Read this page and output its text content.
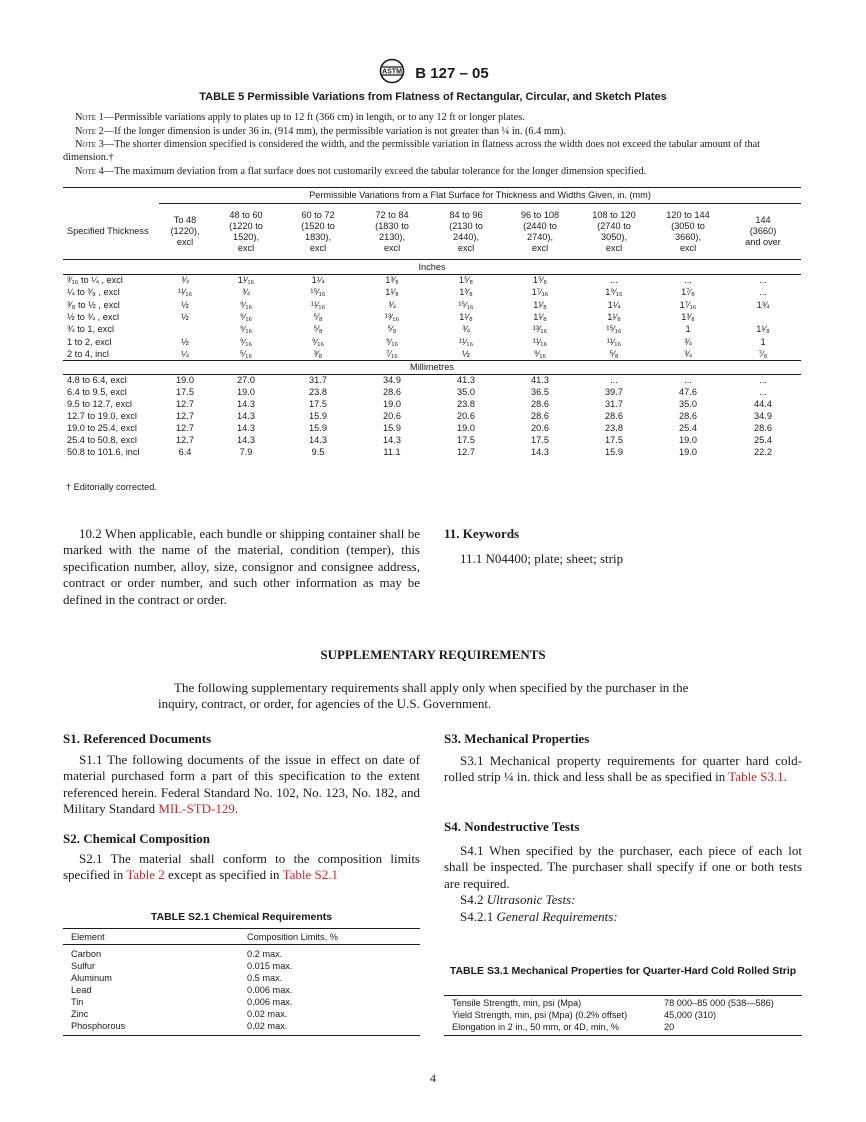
ASTM B 127 – 05
TABLE 5 Permissible Variations from Flatness of Rectangular, Circular, and Sketch Plates

Note 1—Permissible variations apply to plates up to 12 ft (366 cm) in length, or to any 12 ft or longer plates.

Note 2—If the longer dimension is under 36 in. (914 mm), the permissible variation is not greater than ¼ in. (6.4 mm).

Note 3—The shorter dimension specified is considered the width, and the permissible variation in flatness across the width does not exceed the tabular amount of that dimension.†

Note 4—The maximum deviation from a flat surface does not customarily exceed the tabular tolerance for the longer dimension specified.

	Permissible Variations from a Flat Surface for Thickness and Widths Given, in. (mm)								
Specified Thickness	To 48
(1220),
excl	48 to 60
(1220 to
1520),
excl	60 to 72
(1520 to
1830),
excl	72 to 84
(1830 to
2130),
excl	84 to 96
(2130 to
2440),
excl	96 to 108
(2440 to
2740),
excl	108 to 120
(2740 to
3050),
excl	120 to 144
(3050 to
3660),
excl	144
(3660)
and over
Inches									
³⁄₁₆ to ¼ , excl	¾	1¹⁄₁₆	1¼	1³⁄₈	1⁵⁄₈	1⁵⁄₈	...	...	...
¼ to ³⁄₈ , excl	¹¹⁄₁₆	¾	¹⁵⁄₁₆	1¹⁄₈	1³⁄₈	1⁷⁄₁₆	1⁹⁄₁₆	1⁷⁄₈	...
³⁄₈ to ½ , excl	½	⁹⁄₁₆	¹¹⁄₁₆	¾	¹⁵⁄₁₆	1¹⁄₈	1¼	1⁷⁄₁₆	1¾
½ to ¾ , excl	½	⁹⁄₁₆	⁵⁄₈	¹³⁄₁₆	1¹⁄₈	1¹⁄₈	1¹⁄₈	1³⁄₈	
¾ to 1, excl		⁹⁄₁₆	⁵⁄₈	⁵⁄₈	¾	¹³⁄₁₆	¹⁵⁄₁₆	1	1¹⁄₈
1 to 2, excl	½	⁹⁄₁₆	⁹⁄₁₆	⁹⁄₁₆	¹¹⁄₁₆	¹¹⁄₁₆	¹¹⁄₁₆	¾	1
2 to 4, incl	¼	⁵⁄₁₆	³⁄₈	⁷⁄₁₆	½	⁹⁄₁₆	⁵⁄₈	¾	⁷⁄₈
Millimetres									
4.8 to 6.4, excl	19.0	27.0	31.7	34.9	41.3	41.3	...	...	...
6.4 to 9.5, excl	17.5	19.0	23.8	28.6	35.0	36.5	39.7	47.6	...
9.5 to 12.7, excl	12.7	14.3	17.5	19.0	23.8	28.6	31.7	35.0	44.4
12.7 to 19.0, excl	12.7	14.3	15.9	20.6	20.6	28.6	28.6	28.6	34.9
19.0 to 25.4, excl	12.7	14.3	15.9	15.9	19.0	20.6	23.8	25.4	28.6
25.4 to 50.8, excl	12.7	14.3	14.3	14.3	17.5	17.5	17.5	19.0	25.4
50.8 to 101.6, incl	6.4	7.9	9.5	11.1	12.7	14.3	15.9	19.0	22.2
† Editorially corrected.

10.2 When applicable, each bundle or shipping container shall be marked with the name of the material, condition (temper), this specification number, alloy, size, consignor and consignee address, contract or order number, and such other information as may be defined in the contract or order.

11. Keywords

11.1 N04400; plate; sheet; strip

SUPPLEMENTARY REQUIREMENTS

The following supplementary requirements shall apply only when specified by the purchaser in the inquiry, contract, or order, for agencies of the U.S. Government.

S1. Referenced Documents

S1.1 The following documents of the issue in effect on date of material purchased form a part of this specification to the extent referenced herein. Federal Standard No. 102, No. 123, No. 182, and Military Standard MIL-STD-129.

S2. Chemical Composition

S2.1 The material shall conform to the composition limits specified in Table 2 except as specified in Table S2.1

TABLE S2.1 Chemical Requirements
Element	Composition Limits, %

Carbon	0.2 max.
Sulfur	0.015 max.
Aluminum	0.5 max.
Lead	0.006 max.
Tin	0.006 max.
Zinc	0.02 max.
Phosphorous	0.02 max.
S3. Mechanical Properties

S3.1 Mechanical property requirements for quarter hard cold-rolled strip ¼ in. thick and less shall be as specified in Table S3.1.

S4. Nondestructive Tests

S4.1 When specified by the purchaser, each piece of each lot shall be inspected. The purchaser shall specify if one or both tests are required.

S4.2 Ultrasonic Tests:

S4.2.1 General Requirements:

TABLE S3.1 Mechanical Properties for Quarter-Hard Cold Rolled Strip
Tensile Strength, min, psi (Mpa)	78 000–85 000 (538—586)
Yield Strength, min, psi (Mpa) (0.2% offset)	45,000 (310)
Elongation in 2 in., 50 mm, or 4D, min, %	20
4
